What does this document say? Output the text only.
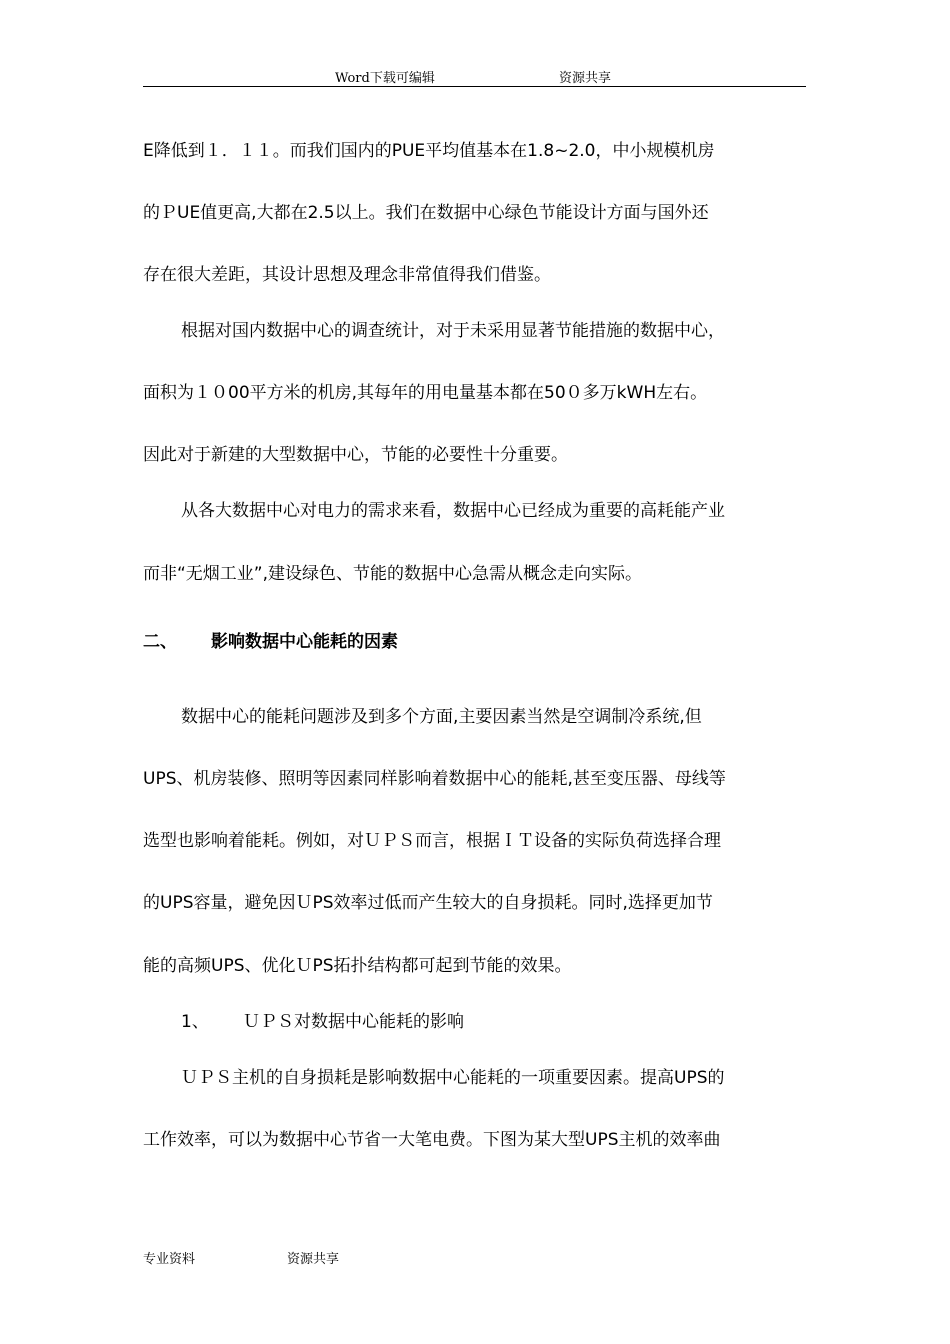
Word下载可编辑	资源共享
E降低到１．１１。而我们国内的PUE平均值基本在1.8~2.0，中小规模机房
的ＰUE值更高,大都在2.5以上。我们在数据中心绿色节能设计方面与国外还
存在很大差距，其设计思想及理念非常值得我们借鉴。
根据对国内数据中心的调查统计，对于未采用显著节能措施的数据中心，
面积为１０00平方米的机房,其每年的用电量基本都在50０多万kWH左右。
因此对于新建的大型数据中心，节能的必要性十分重要。
从各大数据中心对电力的需求来看，数据中心已经成为重要的高耗能产业
而非“无烟工业”,建设绿色、节能的数据中心急需从概念走向实际。
二、 影响数据中心能耗的因素
数据中心的能耗问题涉及到多个方面,主要因素当然是空调制冷系统,但
UPS、机房装修、照明等因素同样影响着数据中心的能耗,甚至变压器、母线等
选型也影响着能耗。例如，对ＵＰＳ而言，根据ＩＴ设备的实际负荷选择合理
的UPS容量，避免因ＵPS效率过低而产生较大的自身损耗。同时,选择更加节
能的高频UPS、优化ＵPS拓扑结构都可起到节能的效果。
1、 ＵＰＳ对数据中心能耗的影响
ＵＰＳ主机的自身损耗是影响数据中心能耗的一项重要因素。提高UPS的
工作效率，可以为数据中心节省一大笔电费。下图为某大型UPS主机的效率曲
专业资料	资源共享
